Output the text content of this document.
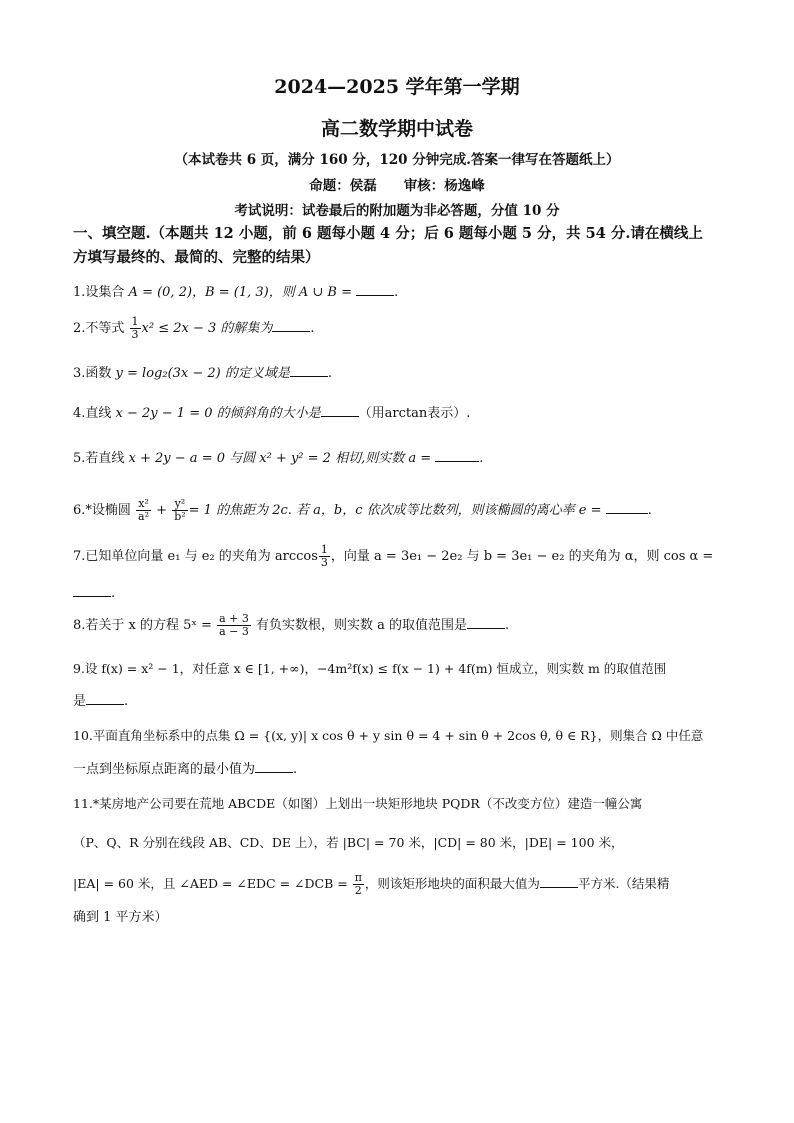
2024—2025 学年第一学期
高二数学期中试卷
（本试卷共 6 页，满分 160 分，120 分钟完成.答案一律写在答题纸上）
命题：侯磊　　审核：杨逸峰
考试说明：试卷最后的附加题为非必答题，分值 10 分
一、填空题.（本题共 12 小题，前 6 题每小题 4 分；后 6 题每小题 5 分，共 54 分.请在横线上方填写最终的、最简的、完整的结果）
1.设集合 A = (0, 2)，B = (1, 3)，则 A ∪ B =	.
2.不等式 $\frac{1}{3} x^2 \le 2x - 3$ 的解集为	.
3.函数 y = log₂(3x − 2) 的定义域是	.
4.直线 x − 2y − 1 = 0 的倾斜角的大小是	（用arctan表示）.
5.若直线 x + 2y − a = 0 与圆 x² + y² = 2 相切,则实数 a =	.
6.*设椭圆 $\frac{\text{x²}}{\text{a²}} + \frac{\text{y²}}{\text{b²}} = 1$ 的焦距为 2c. 若 a，b，c 依次成等比数列，则该椭圆的离心率 e =	.
7.已知单位向量 e₁ 与 e₂ 的夹角为 $\arccos \frac{1}{3}$ ，向量 a = 3e₁ − 2e₂ 与 b = 3e₁ − e₂ 的夹角为 α，则 cos α =
.
8.若关于 x 的方程 5ˣ = $\frac{a + 3}{a - 3}$ 有负实数根，则实数 a 的取值范围是	.
9.设 f(x) = x² − 1，对任意 x ∈ [1, +∞)，−4m²f(x) ≤ f(x − 1) + 4f(m) 恒成立，则实数 m 的取值范围
是	.
10.平面直角坐标系中的点集 Ω = {(x, y)| x cos θ + y sin θ = 4 + sin θ + 2cos θ, θ ∈ R}，则集合 Ω 中任意
一点到坐标原点距离的最小值为	.
11.*某房地产公司要在荒地 ABCDE（如图）上划出一块矩形地块 PQDR（不改变方位）建造一幢公寓
（P、Q、R 分别在线段 AB、CD、DE 上），若 |BC| = 70 米，|CD| = 80 米，|DE| = 100 米，
|EA| = 60 米，且 ∠AED = ∠EDC = ∠DCB = $\frac{\pi}{2}$ ，则该矩形地块的面积最大值为	平方米.（结果精
确到 1 平方米）
